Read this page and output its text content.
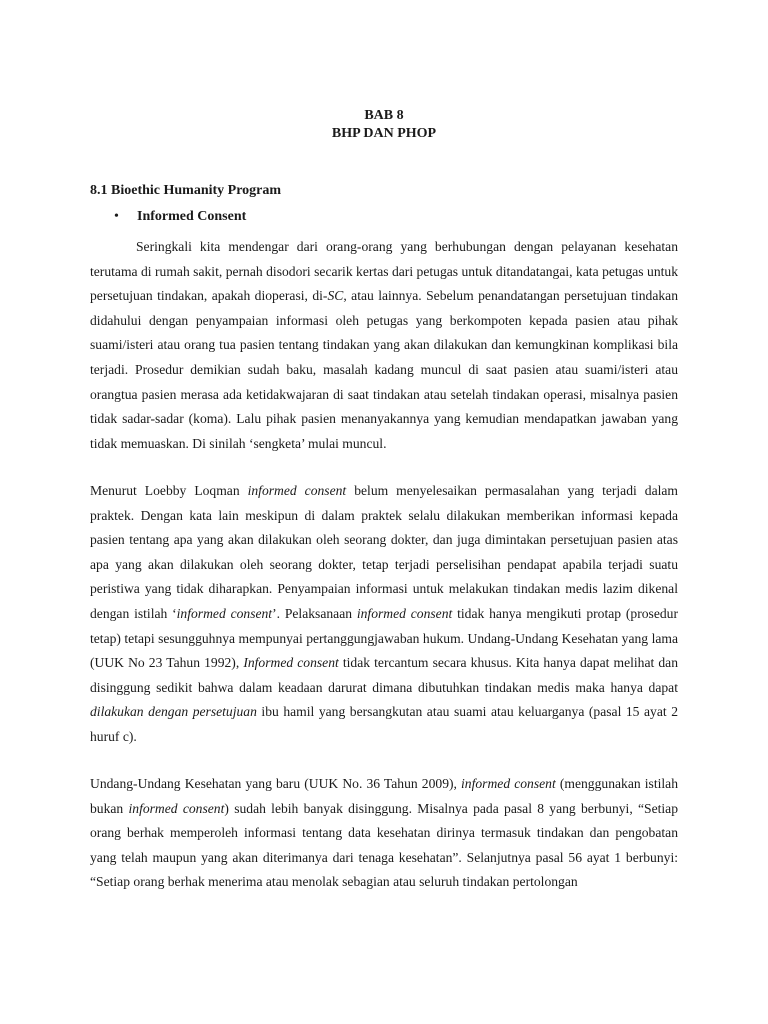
BAB 8
BHP DAN PHOP
8.1 Bioethic Humanity Program
• Informed Consent

Seringkali kita mendengar dari orang-orang yang berhubungan dengan pelayanan kesehatan terutama di rumah sakit, pernah disodori secarik kertas dari petugas untuk ditandatangai, kata petugas untuk persetujuan tindakan, apakah dioperasi, di-SC, atau lainnya. Sebelum penandatangan persetujuan tindakan didahului dengan penyampaian informasi oleh petugas yang berkompoten kepada pasien atau pihak suami/isteri atau orang tua pasien tentang tindakan yang akan dilakukan dan kemungkinan komplikasi bila terjadi. Prosedur demikian sudah baku, masalah kadang muncul di saat pasien atau suami/isteri atau orangtua pasien merasa ada ketidakwajaran di saat tindakan atau setelah tindakan operasi, misalnya pasien tidak sadar-sadar (koma). Lalu pihak pasien menanyakannya yang kemudian mendapatkan jawaban yang tidak memuaskan. Di sinilah ‘sengketa’ mulai muncul.

Menurut Loebby Loqman informed consent belum menyelesaikan permasalahan yang terjadi dalam praktek. Dengan kata lain meskipun di dalam praktek selalu dilakukan memberikan informasi kepada pasien tentang apa yang akan dilakukan oleh seorang dokter, dan juga dimintakan persetujuan pasien atas apa yang akan dilakukan oleh seorang dokter, tetap terjadi perselisihan pendapat apabila terjadi suatu peristiwa yang tidak diharapkan. Penyampaian informasi untuk melakukan tindakan medis lazim dikenal dengan istilah ‘informed consent’. Pelaksanaan informed consent tidak hanya mengikuti protap (prosedur tetap) tetapi sesungguhnya mempunyai pertanggungjawaban hukum. Undang-Undang Kesehatan yang lama (UUK No 23 Tahun 1992), Informed consent tidak tercantum secara khusus. Kita hanya dapat melihat dan disinggung sedikit bahwa dalam keadaan darurat dimana dibutuhkan tindakan medis maka hanya dapat dilakukan dengan persetujuan ibu hamil yang bersangkutan atau suami atau keluarganya (pasal 15 ayat 2 huruf c).

Undang-Undang Kesehatan yang baru (UUK No. 36 Tahun 2009), informed consent (menggunakan istilah bukan informed consent) sudah lebih banyak disinggung. Misalnya pada pasal 8 yang berbunyi, “Setiap orang berhak memperoleh informasi tentang data kesehatan dirinya termasuk tindakan dan pengobatan yang telah maupun yang akan diterimanya dari tenaga kesehatan”. Selanjutnya pasal 56 ayat 1 berbunyi: “Setiap orang berhak menerima atau menolak sebagian atau seluruh tindakan pertolongan
